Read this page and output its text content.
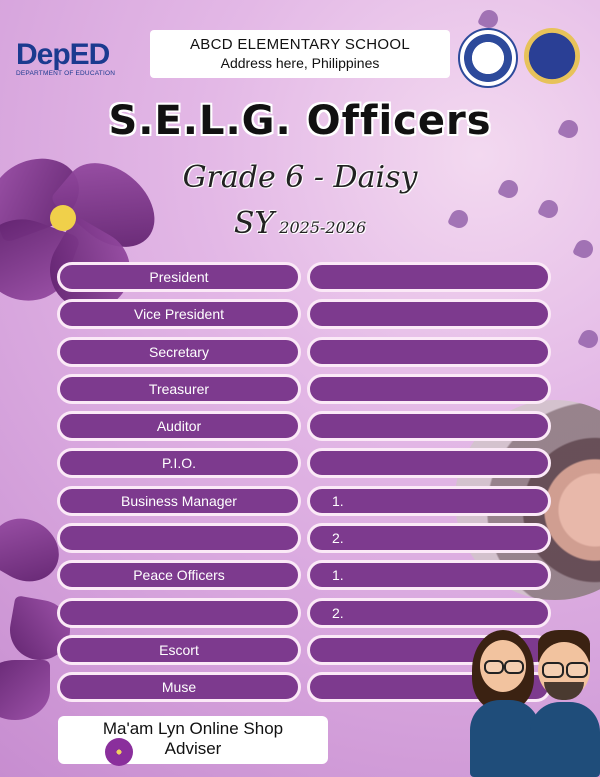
DepED
DEPARTMENT OF EDUCATION
ABCD ELEMENTARY SCHOOL
Address here, Philippines
S.E.L.G. Officers
Grade 6 - Daisy
SY 2025-2026
President
Vice President
Secretary
Treasurer
Auditor
P.I.O.
Business Manager	1.
2.
Peace Officers	1.
2.
Escort
Muse
Ma'am Lyn Online Shop
Adviser
